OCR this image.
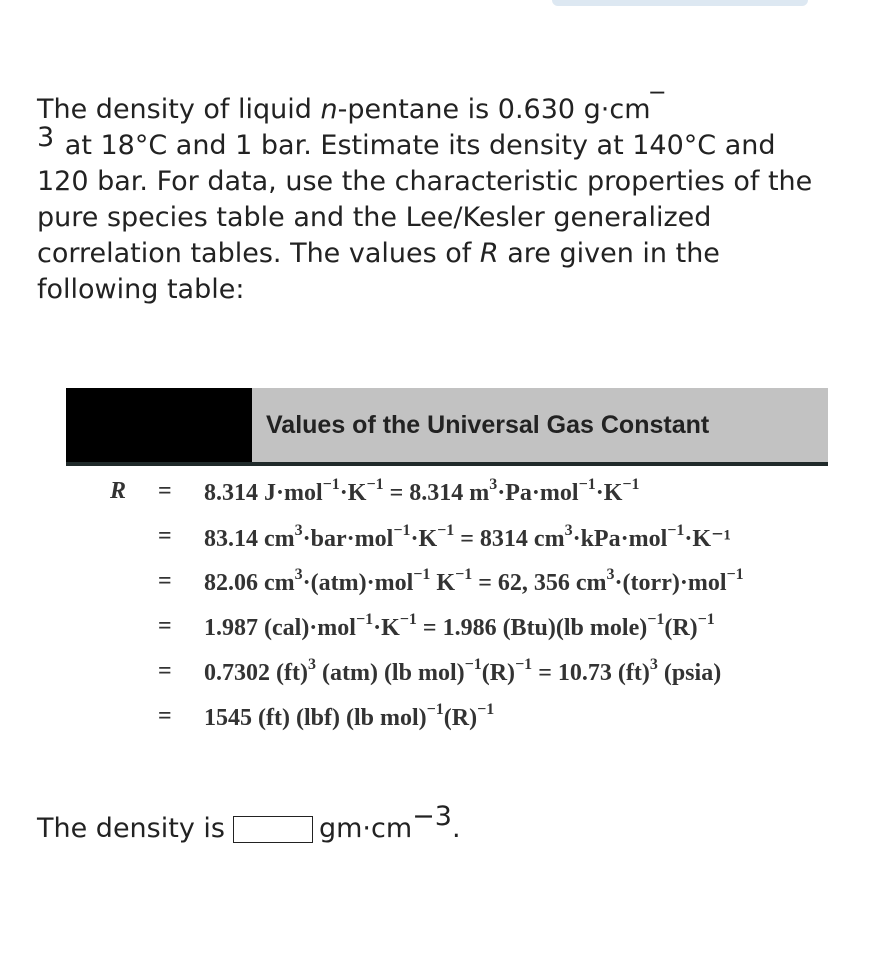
The density of liquid n-pentane is 0.630 g·cm‾
3 at 18°C and 1 bar. Estimate its density at 140°C and 120 bar. For data, use the characteristic properties of the pure species table and the Lee/Kesler generalized correlation tables. The values of R are given in the following table:

Values of the Universal Gas Constant
R = 8.314 $J\cdot mol^{-1}\cdot K^{-1} = 8.314$ $m^3\cdot Pa\cdot mol^{-1}\cdot K^{-1}$
= 83.14 $cm^3\cdot bar\cdot mol^{-1}\cdot K^{-1} = 8314$ $cm^3\cdot kPa\cdot mol^{-1}\cdot K^{-1}$
= 82.06 $cm^3\cdot(atm)\cdot mol^{-1}$ $K^{-1} = 62$, 356 $cm^3\cdot(torr)\cdot mol^{-1}$
= 1.987 $(cal)\cdot mol^{-1}\cdot K^{-1} = 1.986$ (Btu)(lb $mole)^{-1}(R)^{-1}$
= 0.7302 (ft)$^3$ (atm) (lb $mol)^{-1}(R)^{-1} = 10.73$ (ft)$^3$ (psia)
= 1545 (ft) (lbf) (lb $mol)^{-1}(R)^{-1}$
The density is	gm·cm −3 .
